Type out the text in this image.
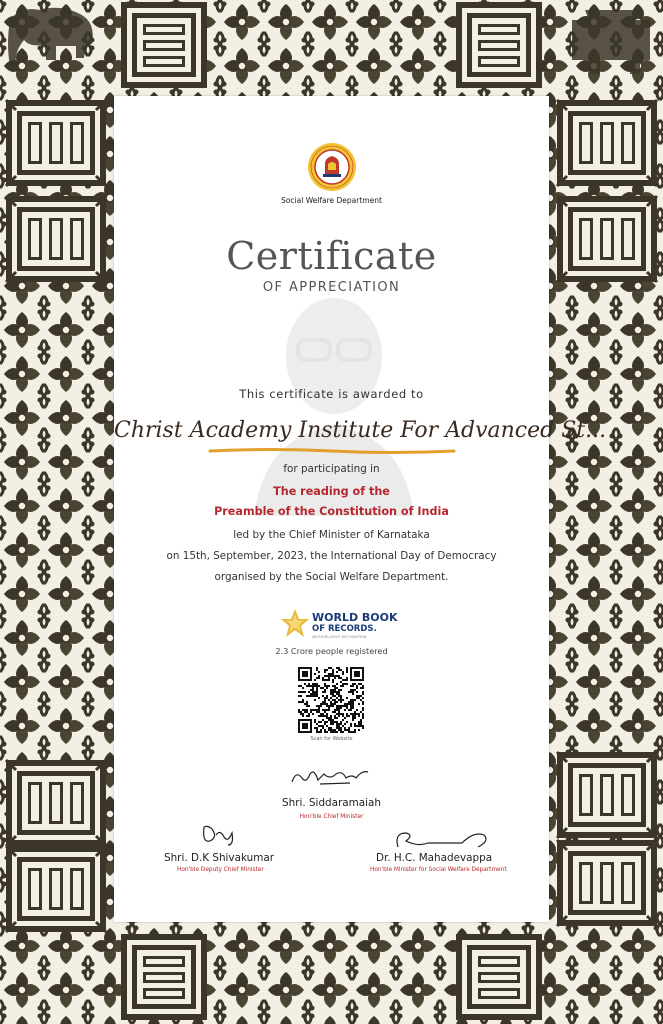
Social Welfare Department
Certificate
OF APPRECIATION
This certificate is awarded to
Christ Academy Institute For Advanced St...
for participating in
The reading of the
Preamble of the Constitution of India
led by the Chief Minister of Karnataka
on 15th, September, 2023, the International Day of Democracy
organised by the Social Welfare Department.
WORLD BOOK
OF RECORDS.
AN EXCELLENCE RECOGNITION
2.3 Crore people registered
Scan for Website
Shri. Siddaramaiah
Hon'ble Chief Minister
Shri. D.K Shivakumar
Hon'ble Deputy Chief Minister
Dr. H.C. Mahadevappa
Hon'ble Minister for Social Welfare Department
